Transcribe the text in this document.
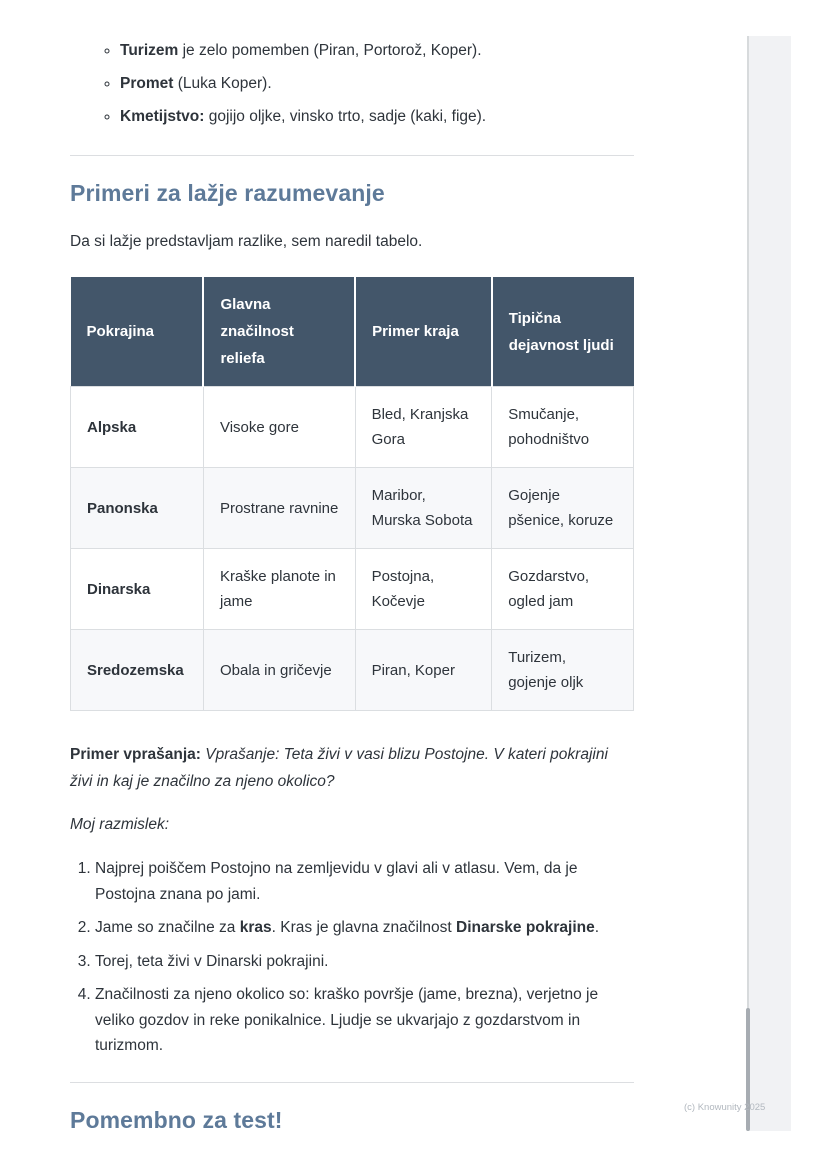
◦ Turizem je zelo pomemben (Piran, Portorož, Koper).
◦ Promet (Luka Koper).
◦ Kmetijstvo: gojijo oljke, vinsko trto, sadje (kaki, fige).
Primeri za lažje razumevanje

Da si lažje predstavljam razlike, sem naredil tabelo.

Pokrajina	Glavna značilnost reliefa	Primer kraja	Tipična dejavnost ljudi
Alpska	Visoke gore	Bled, Kranjska Gora	Smučanje, pohodništvo
Panonska	Prostrane ravnine	Maribor, Murska Sobota	Gojenje pšenice, koruze
Dinarska	Kraške planote in jame	Postojna, Kočevje	Gozdarstvo, ogled jam
Sredozemska	Obala in gričevje	Piran, Koper	Turizem, gojenje oljk

Primer vprašanja: Vprašanje: Teta živi v vasi blizu Postojne. V kateri pokrajini živi in kaj je značilno za njeno okolico?

Moj razmislek:

1. Najprej poiščem Postojno na zemljevidu v glavi ali v atlasu. Vem, da je Postojna znana po jami.
2. Jame so značilne za kras. Kras je glavna značilnost Dinarske pokrajine.
3. Torej, teta živi v Dinarski pokrajini.
4. Značilnosti za njeno okolico so: kraško površje (jame, brezna), verjetno je veliko gozdov in reke ponikalnice. Ljudje se ukvarjajo z gozdarstvom in turizmom.
Pomembno za test!	(c) Knowunity 2025
